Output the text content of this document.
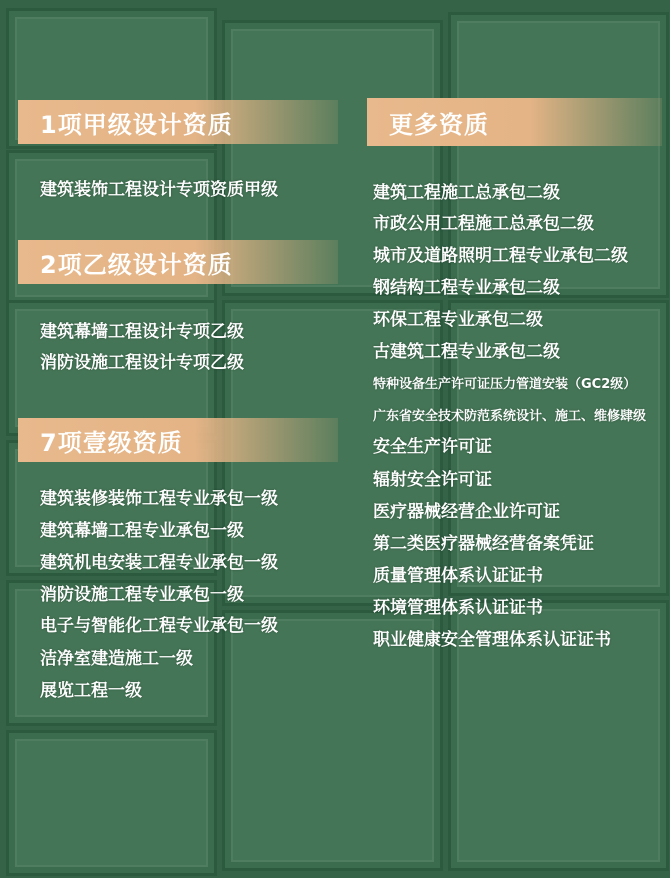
1项甲级设计资质
建筑装饰工程设计专项资质甲级
2项乙级设计资质
建筑幕墙工程设计专项乙级
消防设施工程设计专项乙级
7项壹级资质
建筑装修装饰工程专业承包一级
建筑幕墙工程专业承包一级
建筑机电安装工程专业承包一级
消防设施工程专业承包一级
电子与智能化工程专业承包一级
洁净室建造施工一级
展览工程一级
更多资质
建筑工程施工总承包二级
市政公用工程施工总承包二级
城市及道路照明工程专业承包二级
钢结构工程专业承包二级
环保工程专业承包二级
古建筑工程专业承包二级
特种设备生产许可证压力管道安装（GC2级）
广东省安全技术防范系统设计、施工、维修肆级
安全生产许可证
辐射安全许可证
医疗器械经营企业许可证
第二类医疗器械经营备案凭证
质量管理体系认证证书
环境管理体系认证证书
职业健康安全管理体系认证证书
